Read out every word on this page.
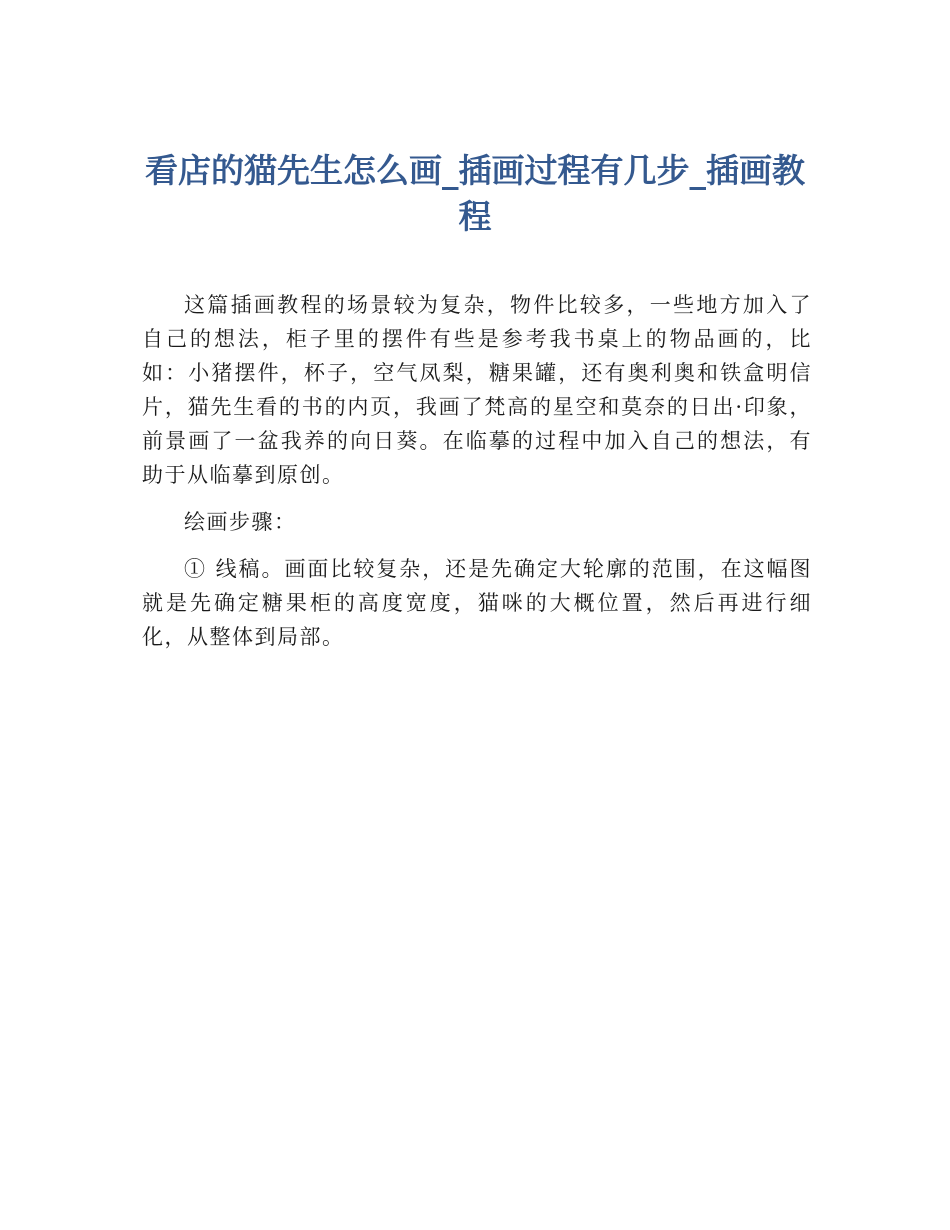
看店的猫先生怎么画_插画过程有几步_插画教程

这篇插画教程的场景较为复杂，物件比较多，一些地方加入了自己的想法，柜子里的摆件有些是参考我书桌上的物品画的，比如：小猪摆件，杯子，空气凤梨，糖果罐，还有奥利奥和铁盒明信片，猫先生看的书的内页，我画了梵高的星空和莫奈的日出·印象，前景画了一盆我养的向日葵。在临摹的过程中加入自己的想法，有助于从临摹到原创。

绘画步骤：

① 线稿。画面比较复杂，还是先确定大轮廓的范围，在这幅图就是先确定糖果柜的高度宽度，猫咪的大概位置，然后再进行细化，从整体到局部。
